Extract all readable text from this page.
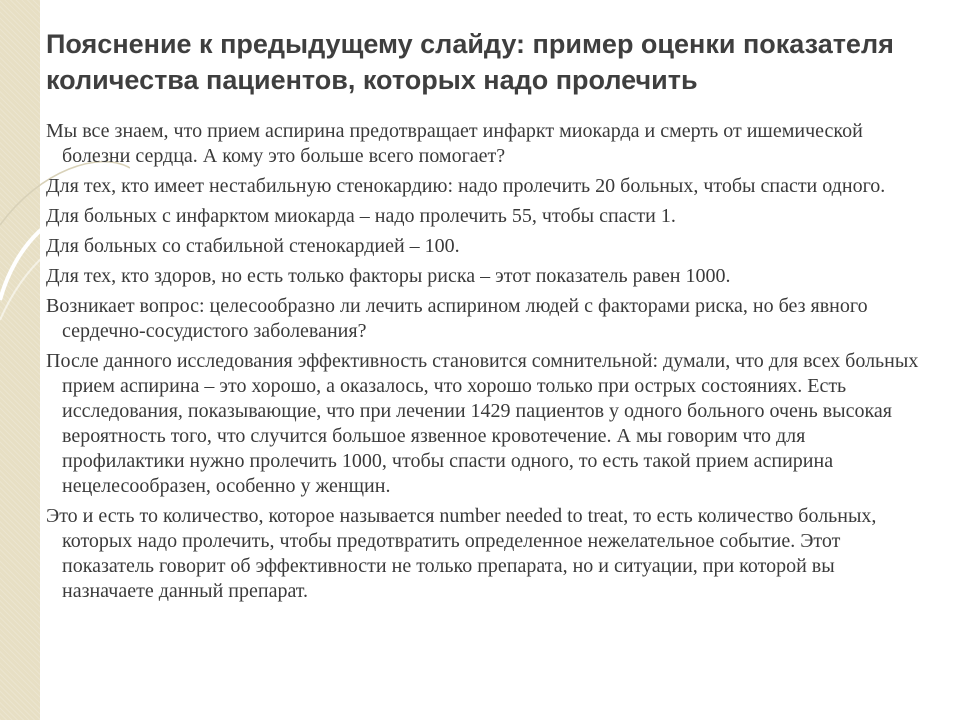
Пояснение к предыдущему слайду: пример оценки показателя количества пациентов, которых надо пролечить

Мы все знаем, что прием аспирина предотвращает инфаркт миокарда и смерть от ишемической болезни сердца. А кому это больше всего помогает?

Для тех, кто имеет нестабильную стенокардию: надо пролечить 20 больных, чтобы спасти одного.

Для больных с инфарктом миокарда – надо пролечить 55, чтобы спасти 1.

Для больных со стабильной стенокардией – 100.

Для тех, кто здоров, но есть только факторы риска – этот показатель равен 1000.

Возникает вопрос: целесообразно ли лечить аспирином людей с факторами риска, но без явного сердечно-сосудистого заболевания?

После данного исследования эффективность становится сомнительной: думали, что для всех больных прием аспирина – это хорошо, а оказалось, что хорошо только при острых состояниях. Есть исследования, показывающие, что при лечении 1429 пациентов у одного больного очень высокая вероятность того, что случится большое язвенное кровотечение. А мы говорим что для профилактики нужно пролечить 1000, чтобы спасти одного, то есть такой прием аспирина нецелесообразен, особенно у женщин.

Это и есть то количество, которое называется number needed to treat, то есть количество больных, которых надо пролечить, чтобы предотвратить определенное нежелательное событие. Этот показатель говорит об эффективности не только препарата, но и ситуации, при которой вы назначаете данный препарат.
